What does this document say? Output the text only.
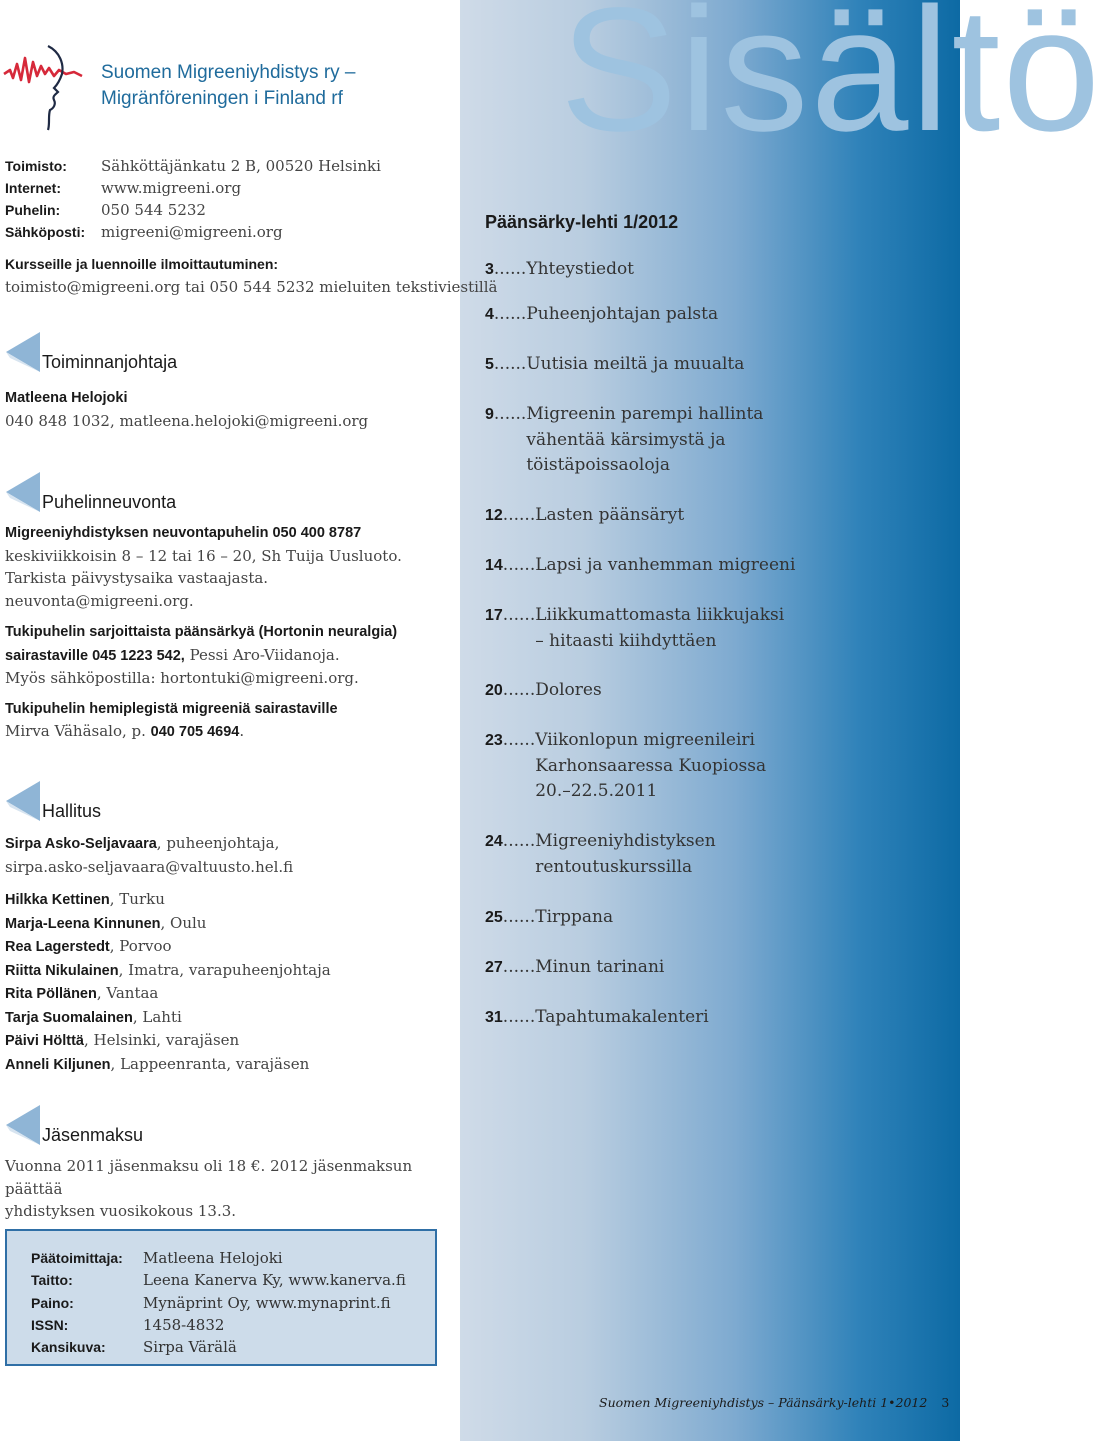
Sisältö
Suomen Migreeniyhdistys ry –
Migränföreningen i Finland rf
Toimisto:	Sähköttäjänkatu 2 B, 00520 Helsinki
Internet:	www.migreeni.org
Puhelin:	050 544 5232
Sähköposti:	migreeni@migreeni.org
Kursseille ja luennoille ilmoittautuminen:
toimisto@migreeni.org tai 050 544 5232 mieluiten tekstiviestillä
Toiminnanjohtaja
Matleena Helojoki
040 848 1032, matleena.helojoki@migreeni.org
Puhelinneuvonta
Migreeniyhdistyksen neuvontapuhelin 050 400 8787
keskiviikkoisin 8 – 12 tai 16 – 20, Sh Tuija Uusluoto.
Tarkista päivystysaika vastaajasta.
neuvonta@migreeni.org.
Tukipuhelin sarjoittaista päänsärkyä (Hortonin neuralgia)
sairastaville 045 1223 542, Pessi Aro-Viidanoja.
Myös sähköpostilla: hortontuki@migreeni.org.
Tukipuhelin hemiplegistä migreeniä sairastaville
Mirva Vähäsalo, p. 040 705 4694.
Hallitus
Sirpa Asko-Seljavaara, puheenjohtaja,
sirpa.asko-seljavaara@valtuusto.hel.fi
Hilkka Kettinen, Turku
Marja-Leena Kinnunen, Oulu
Rea Lagerstedt, Porvoo
Riitta Nikulainen, Imatra, varapuheenjohtaja
Rita Pöllänen, Vantaa
Tarja Suomalainen, Lahti
Päivi Hölttä, Helsinki, varajäsen
Anneli Kiljunen, Lappeenranta, varajäsen
Jäsenmaksu
Vuonna 2011 jäsenmaksu oli 18 €. 2012 jäsenmaksun päättää
yhdistyksen vuosikokous 13.3.
Päätoimittaja:	Matleena Helojoki
Taitto:	Leena Kanerva Ky, www.kanerva.fi
Paino:	Mynäprint Oy, www.mynaprint.fi
ISSN:	1458-4832
Kansikuva:	Sirpa Värälä
Päänsärky-lehti 1/2012
3 ...... Yhteystiedot
4 ...... Puheenjohtajan palsta
5 ...... Uutisia meiltä ja muualta
9 ...... Migreenin parempi hallinta
vähentää kärsimystä ja
töistäpoissaoloja
12 ...... Lasten päänsäryt
14 ...... Lapsi ja vanhemman migreeni
17 ...... Liikkumattomasta liikkujaksi
– hitaasti kiihdyttäen
20 ...... Dolores
23 ...... Viikonlopun migreenileiri
Karhonsaaressa Kuopiossa
20.–22.5.2011
24 ...... Migreeniyhdistyksen
rentoutuskurssilla
25 ...... Tirppana
27 ...... Minun tarinani
31 ...... Tapahtumakalenteri
Suomen Migreeniyhdistys – Päänsärky-lehti 1•2012 3
